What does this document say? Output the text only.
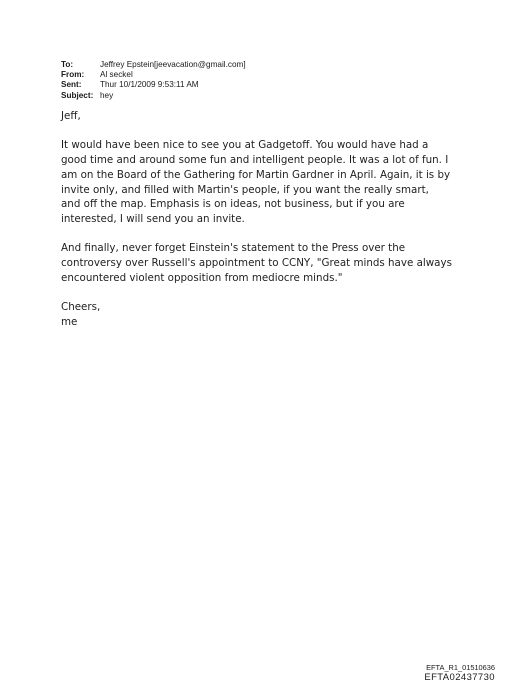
To:	Jeffrey Epstein[jeevacation@gmail.com]
From:	Al seckel
Sent:	Thur 10/1/2009 9:53:11 AM
Subject: hey

Jeff,

It would have been nice to see you at Gadgetoff. You would have had a
good time and around some fun and intelligent people. It was a lot of fun. I
am on the Board of the Gathering for Martin Gardner in April. Again, it is by
invite only, and filled with Martin's people, if you want the really smart,
and off the map. Emphasis is on ideas, not business, but if you are
interested, I will send you an invite.

And finally, never forget Einstein's statement to the Press over the
controversy over Russell's appointment to CCNY, "Great minds have always
encountered violent opposition from mediocre minds."

Cheers,
me

EFTA_R1_01510636
EFTA02437730
